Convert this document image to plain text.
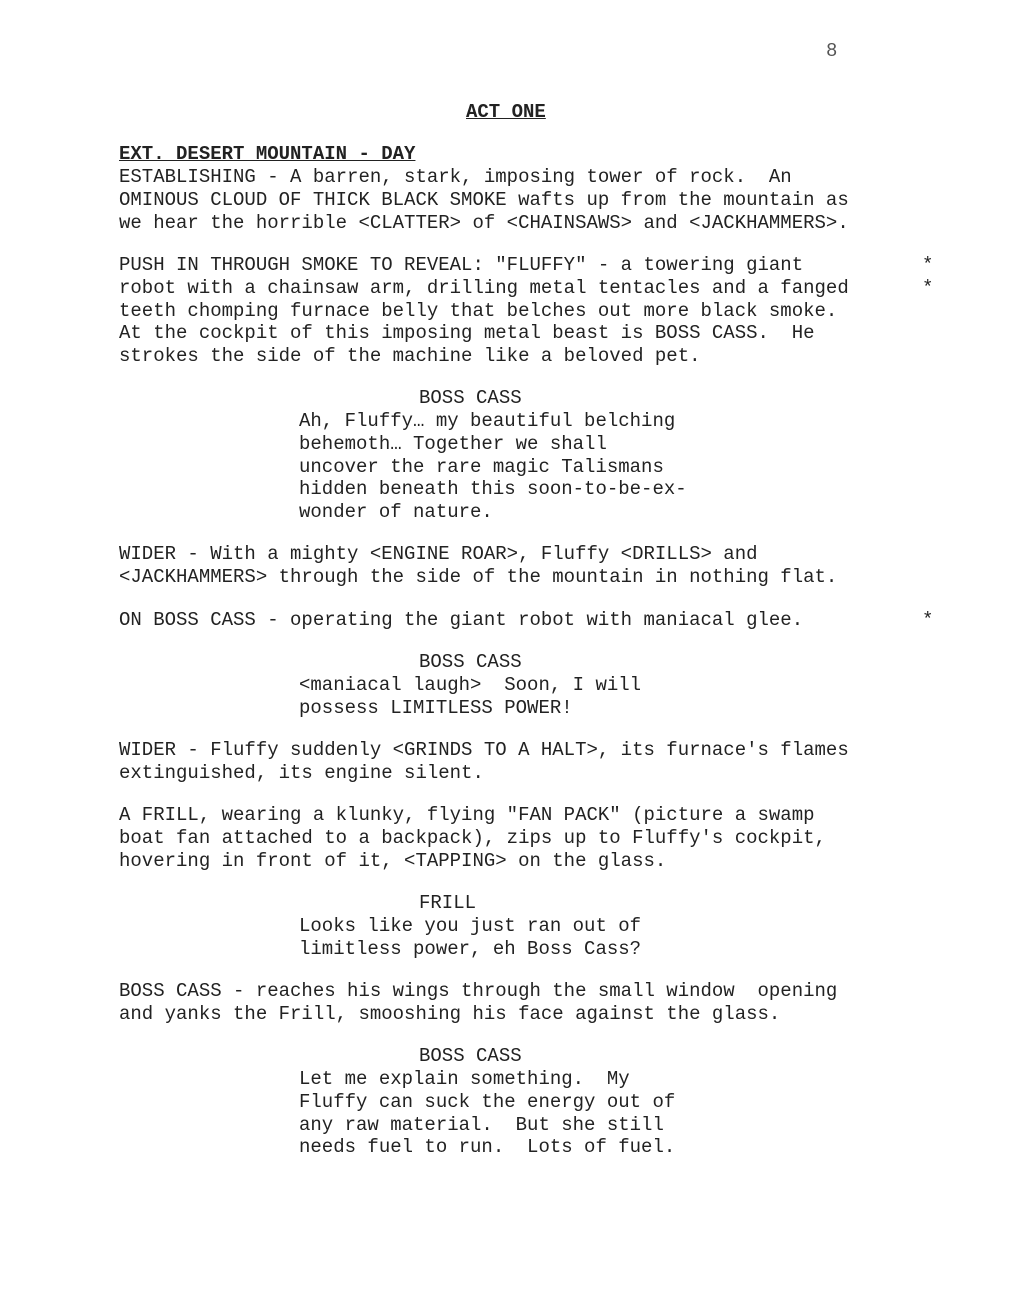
8
ACT ONE
EXT. DESERT MOUNTAIN - DAY
ESTABLISHING - A barren, stark, imposing tower of rock.  An
OMINOUS CLOUD OF THICK BLACK SMOKE wafts up from the mountain as
we hear the horrible <CLATTER> of <CHAINSAWS> and <JACKHAMMERS>.
PUSH IN THROUGH SMOKE TO REVEAL: "FLUFFY" - a towering giant
robot with a chainsaw arm, drilling metal tentacles and a fanged
teeth chomping furnace belly that belches out more black smoke.
At the cockpit of this imposing metal beast is BOSS CASS.  He
strokes the side of the machine like a beloved pet.
*
*
BOSS CASS
Ah, Fluffy… my beautiful belching
behemoth… Together we shall
uncover the rare magic Talismans
hidden beneath this soon-to-be-ex-
wonder of nature.
WIDER - With a mighty <ENGINE ROAR>, Fluffy <DRILLS> and
<JACKHAMMERS> through the side of the mountain in nothing flat.
ON BOSS CASS - operating the giant robot with maniacal glee.	*
BOSS CASS
<maniacal laugh>  Soon, I will
possess LIMITLESS POWER!
WIDER - Fluffy suddenly <GRINDS TO A HALT>, its furnace's flames
extinguished, its engine silent.
A FRILL, wearing a klunky, flying "FAN PACK" (picture a swamp
boat fan attached to a backpack), zips up to Fluffy's cockpit,
hovering in front of it, <TAPPING> on the glass.
FRILL
Looks like you just ran out of
limitless power, eh Boss Cass?
BOSS CASS - reaches his wings through the small window  opening
and yanks the Frill, smooshing his face against the glass.
BOSS CASS
Let me explain something.  My
Fluffy can suck the energy out of
any raw material.  But she still
needs fuel to run.  Lots of fuel.
